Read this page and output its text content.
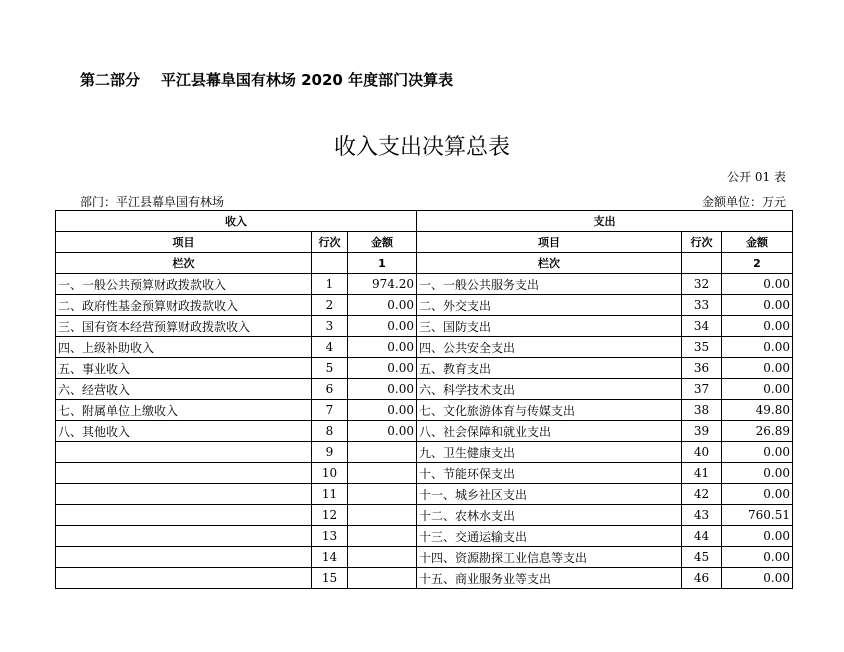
第二部分    平江县幕阜国有林场 2020 年度部门决算表
收入支出决算总表
公开 01 表
部门：平江县幕阜国有林场	金额单位：万元
收入			支出		
项目	行次	金额	项目	行次	金额
栏次		1	栏次		2
一、一般公共预算财政拨款收入	1	974.20	一、一般公共服务支出	32	0.00
二、政府性基金预算财政拨款收入	2	0.00	二、外交支出	33	0.00
三、国有资本经营预算财政拨款收入	3	0.00	三、国防支出	34	0.00
四、上级补助收入	4	0.00	四、公共安全支出	35	0.00
五、事业收入	5	0.00	五、教育支出	36	0.00
六、经营收入	6	0.00	六、科学技术支出	37	0.00
七、附属单位上缴收入	7	0.00	七、文化旅游体育与传媒支出	38	49.80
八、其他收入	8	0.00	八、社会保障和就业支出	39	26.89
	9		九、卫生健康支出	40	0.00
	10		十、节能环保支出	41	0.00
	11		十一、城乡社区支出	42	0.00
	12		十二、农林水支出	43	760.51
	13		十三、交通运输支出	44	0.00
	14		十四、资源勘探工业信息等支出	45	0.00
	15		十五、商业服务业等支出	46	0.00
